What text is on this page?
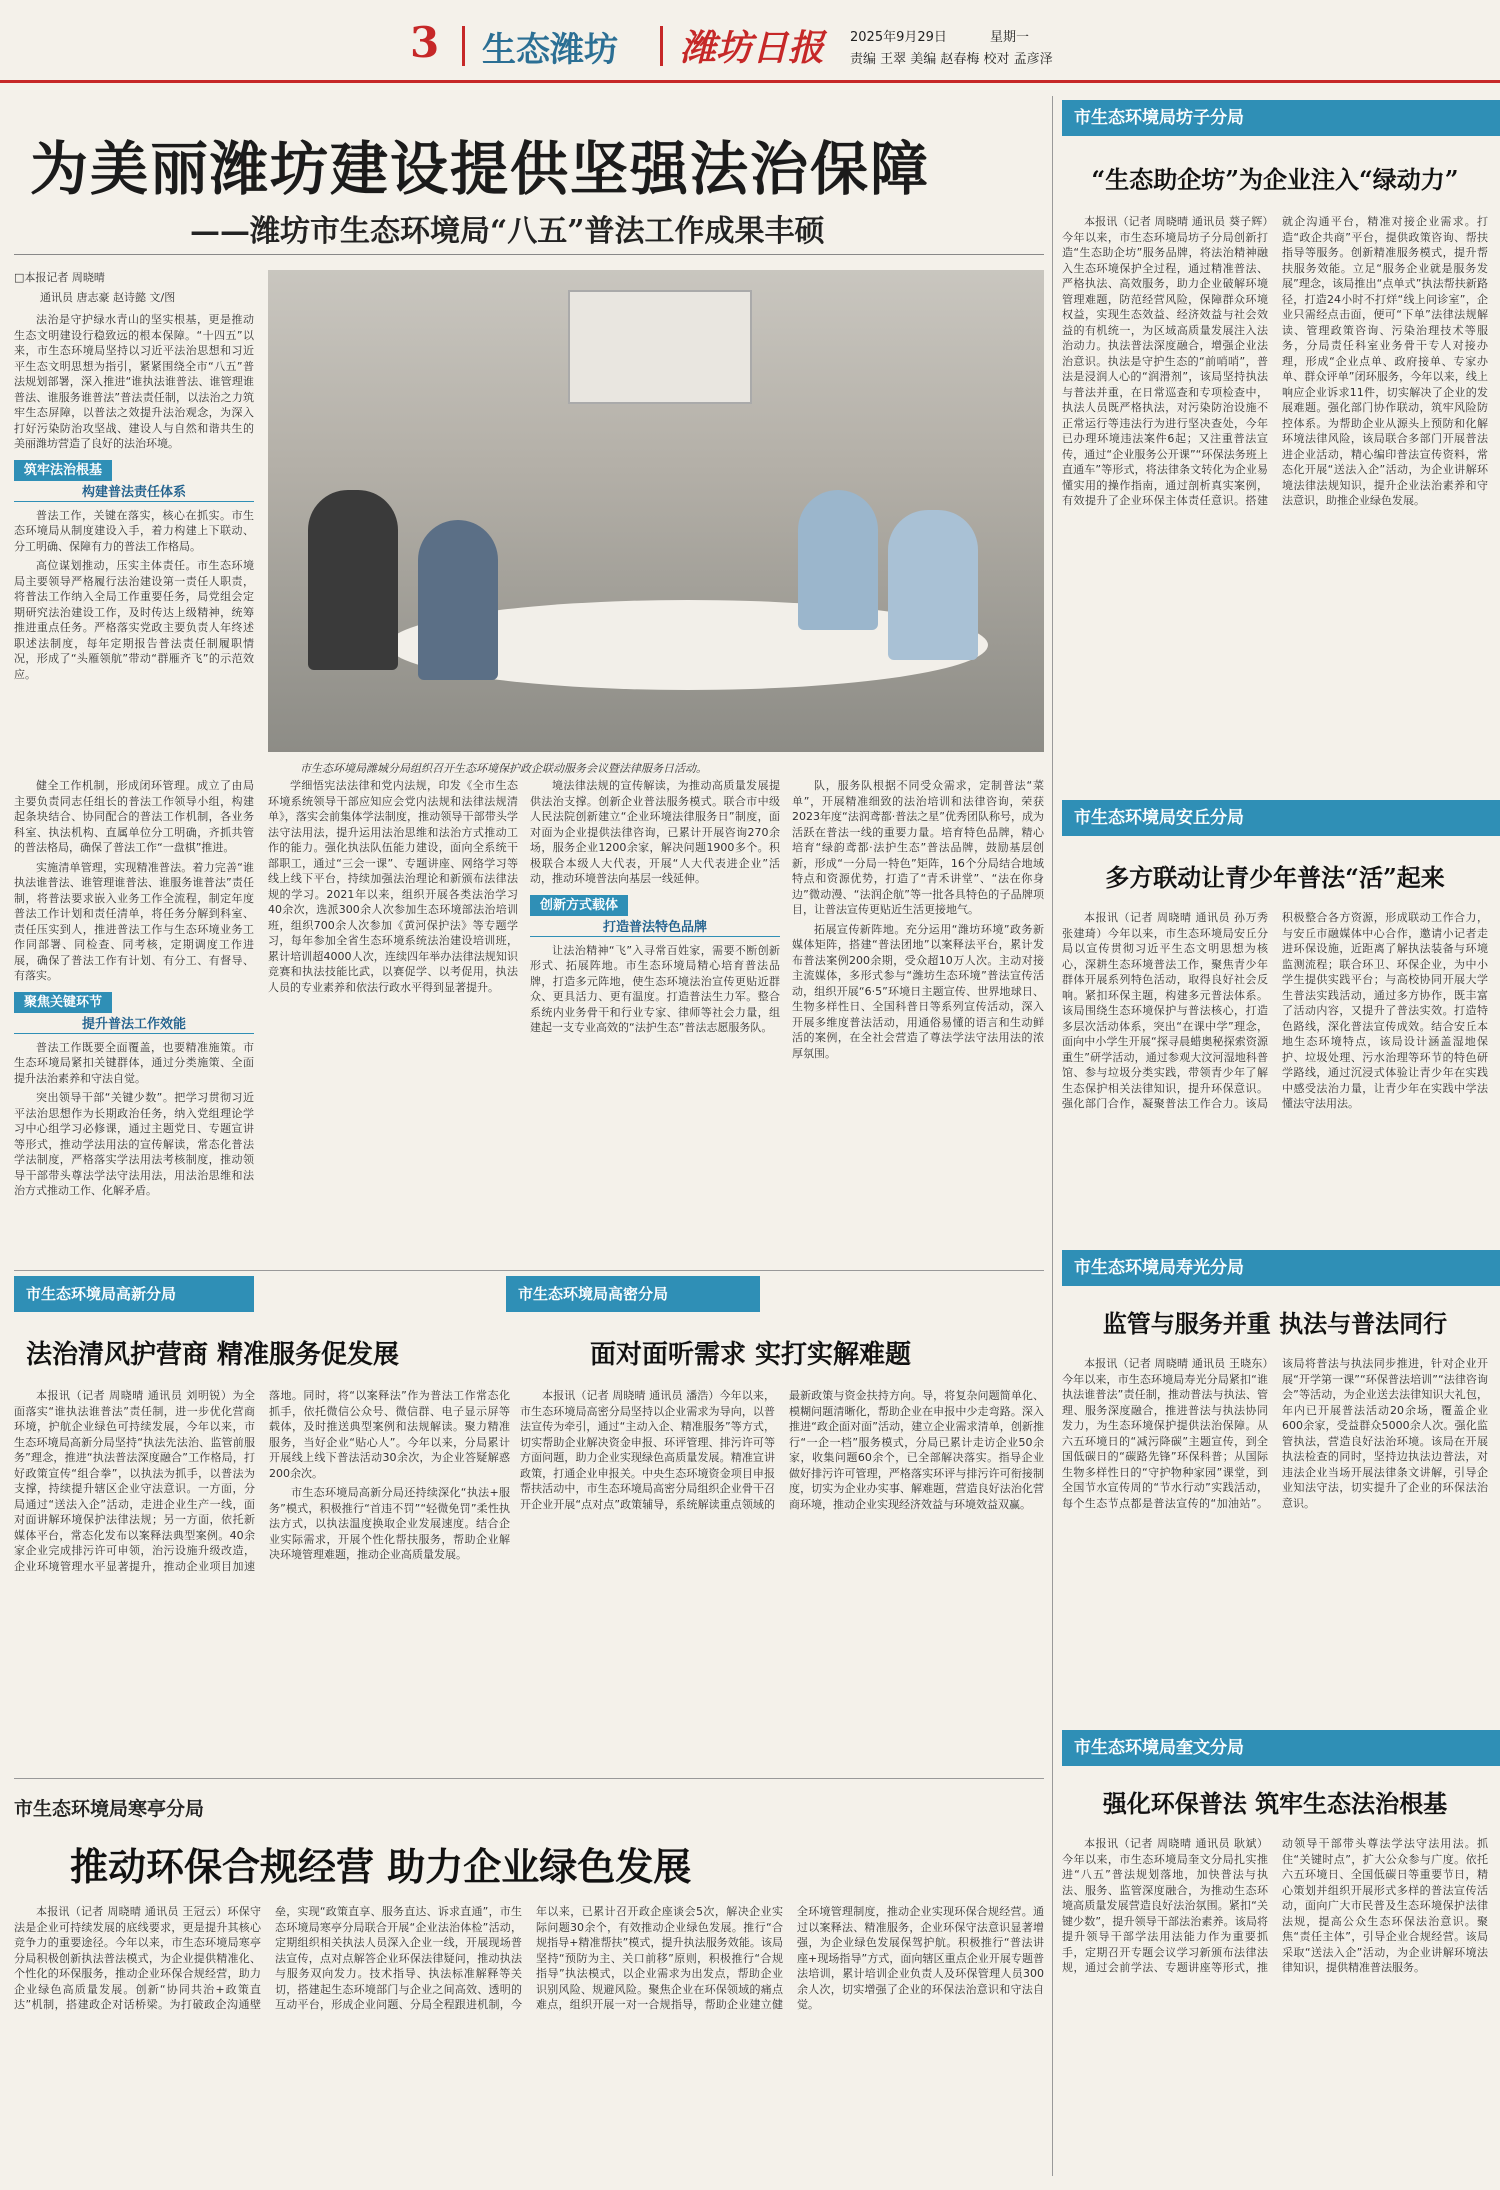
3 生态潍坊 潍坊日报 2025年9月29日	星期一
责编 王翠 美编 赵春梅 校对 孟彦泽
为美丽潍坊建设提供坚强法治保障
——潍坊市生态环境局“八五”普法工作成果丰硕
□本报记者 周晓晴
通讯员 唐志豪 赵诗懿 文/图

法治是守护绿水青山的坚实根基，更是推动生态文明建设行稳致远的根本保障。“十四五”以来，市生态环境局坚持以习近平法治思想和习近平生态文明思想为指引，紧紧围绕全市“八五”普法规划部署，深入推进“谁执法谁普法、谁管理谁普法、谁服务谁普法”普法责任制，以法治之力筑牢生态屏障，以普法之效提升法治观念，为深入打好污染防治攻坚战、建设人与自然和谐共生的美丽潍坊营造了良好的法治环境。

筑牢法治根基
构建普法责任体系

普法工作，关键在落实，核心在抓实。市生态环境局从制度建设入手，着力构建上下联动、分工明确、保障有力的普法工作格局。

高位谋划推动，压实主体责任。市生态环境局主要领导严格履行法治建设第一责任人职责，将普法工作纳入全局工作重要任务，局党组会定期研究法治建设工作，及时传达上级精神，统筹推进重点任务。严格落实党政主要负责人年终述职述法制度，每年定期报告普法责任制履职情况，形成了“头雁领航”带动“群雁齐飞”的示范效应。

市生态环境局潍城分局组织召开生态环境保护政企联动服务会议暨法律服务日活动。

健全工作机制，形成闭环管理。成立了由局主要负责同志任组长的普法工作领导小组，构建起条块结合、协同配合的普法工作机制，各业务科室、执法机构、直属单位分工明确，齐抓共管的普法格局，确保了普法工作“一盘棋”推进。

实施清单管理，实现精准普法。着力完善“谁执法谁普法、谁管理谁普法、谁服务谁普法”责任制，将普法要求嵌入业务工作全流程，制定年度普法工作计划和责任清单，将任务分解到科室、责任压实到人，推进普法工作与生态环境业务工作同部署、同检查、同考核，定期调度工作进展，确保了普法工作有计划、有分工、有督导、有落实。

聚焦关键环节
提升普法工作效能

普法工作既要全面覆盖，也要精准施策。市生态环境局紧扣关键群体，通过分类施策、全面提升法治素养和守法自觉。

突出领导干部“关键少数”。把学习贯彻习近平法治思想作为长期政治任务，纳入党组理论学习中心组学习必修课，通过主题党日、专题宣讲等形式，推动学法用法的宣传解读，常态化普法学法制度，严格落实学法用法考核制度，推动领导干部带头尊法学法守法用法，用法治思维和法治方式推动工作、化解矛盾。

学细悟宪法法律和党内法规，印发《全市生态环境系统领导干部应知应会党内法规和法律法规清单》，落实会前集体学法制度，推动领导干部带头学法守法用法，提升运用法治思维和法治方式推动工作的能力。强化执法队伍能力建设，面向全系统干部职工，通过“三会一课”、专题讲座、网络学习等线上线下平台，持续加强法治理论和新颁布法律法规的学习。2021年以来，组织开展各类法治学习40余次，选派300余人次参加生态环境部法治培训班，组织700余人次参加《黄河保护法》等专题学习，每年参加全省生态环境系统法治建设培训班，累计培训超4000人次，连续四年举办法律法规知识竞赛和执法技能比武，以赛促学、以考促用，执法人员的专业素养和依法行政水平得到显著提升。

境法律法规的宣传解读，为推动高质量发展提供法治支撑。创新企业普法服务模式。联合市中级人民法院创新建立“企业环境法律服务日”制度，面对面为企业提供法律咨询，已累计开展咨询270余场，服务企业1200余家，解决问题1900多个。积极联合本级人大代表，开展“人大代表进企业”活动，推动环境普法向基层一线延伸。

创新方式载体
打造普法特色品牌

让法治精神“飞”入寻常百姓家，需要不断创新形式、拓展阵地。市生态环境局精心培育普法品牌，打造多元阵地，使生态环境法治宣传更贴近群众、更具活力、更有温度。打造普法生力军。整合系统内业务骨干和行业专家、律师等社会力量，组建起一支专业高效的“法护生态”普法志愿服务队。

队，服务队根据不同受众需求，定制普法“菜单”，开展精准细致的法治培训和法律咨询，荣获2023年度“法润鸢都·普法之星”优秀团队称号，成为活跃在普法一线的重要力量。培育特色品牌，精心培育“绿韵鸢都·法护生态”普法品牌，鼓励基层创新，形成“一分局一特色”矩阵，16个分局结合地域特点和资源优势，打造了“青禾讲堂”、“法在你身边”微动漫、“法润企航”等一批各具特色的子品牌项目，让普法宣传更贴近生活更接地气。

拓展宣传新阵地。充分运用“潍坊环境”政务新媒体矩阵，搭建“普法团地”以案释法平台，累计发布普法案例200余期，受众超10万人次。主动对接主流媒体，多形式参与“潍坊生态环境”普法宣传活动，组织开展“6·5”环境日主题宣传、世界地球日、生物多样性日、全国科普日等系列宣传活动，深入开展多维度普法活动，用通俗易懂的语言和生动鲜活的案例，在全社会营造了尊法学法守法用法的浓厚氛围。

市生态环境局坊子分局
“生态助企坊”为企业注入“绿动力”

本报讯（记者 周晓晴 通讯员 葵子辉）今年以来，市生态环境局坊子分局创新打造“生态助企坊”服务品牌，将法治精神融入生态环境保护全过程，通过精准普法、严格执法、高效服务，助力企业破解环境管理难题，防范经营风险，保障群众环境权益，实现生态效益、经济效益与社会效益的有机统一，为区域高质量发展注入法治动力。执法普法深度融合，增强企业法治意识。执法是守护生态的“前哨哨”，普法是浸润人心的“润滑剂”，该局坚持执法与普法并重，在日常巡查和专项检查中，执法人员既严格执法，对污染防治设施不正常运行等违法行为进行坚决查处，今年已办理环境违法案件6起；又注重普法宣传，通过“企业服务公开课”“环保法务班上直通车”等形式，将法律条文转化为企业易懂实用的操作指南，通过剖析真实案例，有效提升了企业环保主体责任意识。搭建就企沟通平台，精准对接企业需求。打造“政企共商”平台，提供政策咨询、帮扶指导等服务。创新精准服务模式，提升帮扶服务效能。立足“服务企业就是服务发展”理念，该局推出“点单式”执法帮扶新路径，打造24小时不打烊“线上问诊室”，企业只需经点击面，便可“下单”法律法规解读、管理政策咨询、污染治理技术等服务，分局责任科室业务骨干专人对接办理，形成“企业点单、政府接单、专家办单、群众评单”闭环服务，今年以来，线上响应企业诉求11件，切实解决了企业的发展难题。强化部门协作联动，筑牢风险防控体系。为帮助企业从源头上预防和化解环境法律风险，该局联合多部门开展普法进企业活动，精心编印普法宣传资料，常态化开展“送法入企”活动，为企业讲解环境法律法规知识，提升企业法治素养和守法意识，助推企业绿色发展。

市生态环境局安丘分局
多方联动让青少年普法“活”起来

本报讯（记者 周晓晴 通讯员 孙万秀 张建琦）今年以来，市生态环境局安丘分局以宣传贯彻习近平生态文明思想为核心，深耕生态环境普法工作，聚焦青少年群体开展系列特色活动，取得良好社会反响。紧扣环保主题，构建多元普法体系。该局围绕生态环境保护与普法核心，打造多层次活动体系，突出“在课中学”理念，面向中小学生开展“探寻晨蜡奥秘探索资源重生”研学活动，通过参观大汶河湿地科普馆、参与垃圾分类实践，带领青少年了解生态保护相关法律知识，提升环保意识。强化部门合作，凝聚普法工作合力。该局积极整合各方资源，形成联动工作合力，与安丘市融媒体中心合作，邀请小记者走进环保设施，近距离了解执法装备与环境监测流程；联合环卫、环保企业，为中小学生提供实践平台；与高校协同开展大学生普法实践活动，通过多方协作，既丰富了活动内容，又提升了普法实效。打造特色路线，深化普法宣传成效。结合安丘本地生态环境特点，该局设计涵盖湿地保护、垃圾处理、污水治理等环节的特色研学路线，通过沉浸式体验让青少年在实践中感受法治力量，让青少年在实践中学法懂法守法用法。

市生态环境局寿光分局
监管与服务并重 执法与普法同行

本报讯（记者 周晓晴 通讯员 王晓东）今年以来，市生态环境局寿光分局紧扣“谁执法谁普法”责任制，推动普法与执法、管理、服务深度融合，推进普法与执法协同发力，为生态环境保护提供法治保障。从六五环境日的“减污降碳”主题宣传，到全国低碳日的“碳路先锋”环保科普；从国际生物多样性日的“守护物种家园”课堂，到全国节水宣传周的“节水行动”实践活动，每个生态节点都是普法宣传的“加油站”。该局将普法与执法同步推进，针对企业开展“开学第一课”“环保普法培训”“法律咨询会”等活动，为企业送去法律知识大礼包，年内已开展普法活动20余场，覆盖企业600余家，受益群众5000余人次。强化监管执法，营造良好法治环境。该局在开展执法检查的同时，坚持边执法边普法，对违法企业当场开展法律条文讲解，引导企业知法守法，切实提升了企业的环保法治意识。

市生态环境局奎文分局
强化环保普法 筑牢生态法治根基

本报讯（记者 周晓晴 通讯员 耿斌）今年以来，市生态环境局奎文分局扎实推进“八五”普法规划落地，加快普法与执法、服务、监管深度融合，为推动生态环境高质量发展营造良好法治氛围。紧扣“关键少数”，提升领导干部法治素养。该局将提升领导干部学法用法能力作为重要抓手，定期召开专题会议学习新颁布法律法规，通过会前学法、专题讲座等形式，推动领导干部带头尊法学法守法用法。抓住“关键时点”，扩大公众参与广度。依托六五环境日、全国低碳日等重要节日，精心策划并组织开展形式多样的普法宣传活动，面向广大市民普及生态环境保护法律法规，提高公众生态环保法治意识。聚焦“责任主体”，引导企业合规经营。该局采取“送法入企”活动，为企业讲解环境法律知识，提供精准普法服务。

市生态环境局高新分局
法治清风护营商 精准服务促发展

本报讯（记者 周晓晴 通讯员 刘明锐）为全面落实“谁执法谁普法”责任制，进一步优化营商环境，护航企业绿色可持续发展，今年以来，市生态环境局高新分局坚持“执法先法治、监管前服务”理念，推进“执法普法深度融合”工作格局，打好政策宣传“组合拳”，以执法为抓手，以普法为支撑，持续提升辖区企业守法意识。一方面，分局通过“送法入企”活动，走进企业生产一线，面对面讲解环境保护法律法规；另一方面，依托新媒体平台，常态化发布以案释法典型案例。40余家企业完成排污许可申领，治污设施升级改造，企业环境管理水平显著提升，推动企业项目加速落地。同时，将“以案释法”作为普法工作常态化抓手，依托微信公众号、微信群、电子显示屏等载体，及时推送典型案例和法规解读。聚力精准服务，当好企业“贴心人”。今年以来，分局累计开展线上线下普法活动30余次，为企业答疑解惑200余次。

市生态环境局高新分局还持续深化“执法+服务”模式，积极推行“首违不罚”“轻微免罚”柔性执法方式，以执法温度换取企业发展速度。结合企业实际需求，开展个性化帮扶服务，帮助企业解决环境管理难题，推动企业高质量发展。

市生态环境局高密分局
面对面听需求 实打实解难题

本报讯（记者 周晓晴 通讯员 潘浩）今年以来，市生态环境局高密分局坚持以企业需求为导向，以普法宣传为牵引，通过“主动入企、精准服务”等方式，切实帮助企业解决资金申报、环评管理、排污许可等方面问题，助力企业实现绿色高质量发展。精准宣讲政策，打通企业申报关。中央生态环境资金项目申报帮扶活动中，市生态环境局高密分局组织企业骨干召开企业开展“点对点”政策辅导，系统解读重点领域的最新政策与资金扶持方向。导，将复杂问题简单化、模糊问题清晰化，帮助企业在申报中少走弯路。深入推进“政企面对面”活动，建立企业需求清单，创新推行“一企一档”服务模式，分局已累计走访企业50余家，收集问题60余个，已全部解决落实。指导企业做好排污许可管理，严格落实环评与排污许可衔接制度，切实为企业办实事、解难题，营造良好法治化营商环境，推动企业实现经济效益与环境效益双赢。

市生态环境局寒亭分局
推动环保合规经营 助力企业绿色发展

本报讯（记者 周晓晴 通讯员 王冠云）环保守法是企业可持续发展的底线要求，更是提升其核心竞争力的重要途径。今年以来，市生态环境局寒亭分局积极创新执法普法模式，为企业提供精准化、个性化的环保服务，推动企业环保合规经营，助力企业绿色高质量发展。创新“协同共治+政策直达”机制，搭建政企对话桥梁。为打破政企沟通壁垒，实现“政策直享、服务直达、诉求直通”，市生态环境局寒亭分局联合开展“企业法治体检”活动，定期组织相关执法人员深入企业一线，开展现场普法宣传，点对点解答企业环保法律疑问，推动执法与服务双向发力。技术指导、执法标准解释等关切，搭建起生态环境部门与企业之间高效、透明的互动平台，形成企业问题、分局全程跟进机制，今年以来，已累计召开政企座谈会5次，解决企业实际问题30余个，有效推动企业绿色发展。推行“合规指导+精准帮扶”模式，提升执法服务效能。该局坚持“预防为主、关口前移”原则，积极推行“合规指导”执法模式，以企业需求为出发点，帮助企业识别风险、规避风险。聚焦企业在环保领域的痛点难点，组织开展一对一合规指导，帮助企业建立健全环境管理制度，推动企业实现环保合规经营。通过以案释法、精准服务，企业环保守法意识显著增强，为企业绿色发展保驾护航。积极推行“普法讲座+现场指导”方式，面向辖区重点企业开展专题普法培训，累计培训企业负责人及环保管理人员300余人次，切实增强了企业的环保法治意识和守法自觉。
